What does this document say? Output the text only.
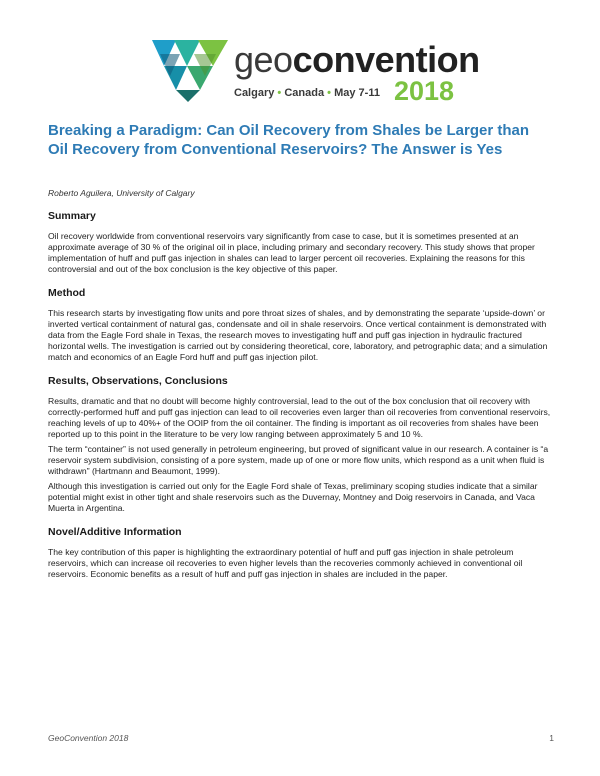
geoconvention
Calgary • Canada • May 7-11 2018
Breaking a Paradigm: Can Oil Recovery from Shales be Larger than Oil Recovery from Conventional Reservoirs? The Answer is Yes
Roberto Aguilera, University of Calgary
Summary

Oil recovery worldwide from conventional reservoirs vary significantly from case to case, but it is sometimes presented at an approximate average of 30 % of the original oil in place, including primary and secondary recovery. This study shows that proper implementation of huff and puff gas injection in shales can lead to larger percent oil recoveries. Explaining the reasons for this controversial and out of the box conclusion is the key objective of this paper.

Method

This research starts by investigating flow units and pore throat sizes of shales, and by demonstrating the separate ‘upside-down’ or inverted vertical containment of natural gas, condensate and oil in shale reservoirs. Once vertical containment is demonstrated with data from the Eagle Ford shale in Texas, the research moves to investigating huff and puff gas injection in hydraulic fractured horizontal wells. The investigation is carried out by considering theoretical, core, laboratory, and petrographic data; and a simulation match and economics of an Eagle Ford huff and puff gas injection pilot.

Results, Observations, Conclusions

Results, dramatic and that no doubt will become highly controversial, lead to the out of the box conclusion that oil recovery with correctly-performed huff and puff gas injection can lead to oil recoveries even larger than oil recoveries from conventional reservoirs, reaching levels of up to 40%+ of the OOIP from the oil container. The finding is important as oil recoveries from shales have been reported up to this point in the literature to be very low ranging between approximately 5 and 10 %.

The term “container” is not used generally in petroleum engineering, but proved of significant value in our research. A container is “a reservoir system subdivision, consisting of a pore system, made up of one or more flow units, which respond as a unit when fluid is withdrawn” (Hartmann and Beaumont, 1999).

Although this investigation is carried out only for the Eagle Ford shale of Texas, preliminary scoping studies indicate that a similar potential might exist in other tight and shale reservoirs such as the Duvernay, Montney and Doig reservoirs in Canada, and Vaca Muerta in Argentina.

Novel/Additive Information

The key contribution of this paper is highlighting the extraordinary potential of huff and puff gas injection in shale petroleum reservoirs, which can increase oil recoveries to even higher levels than the recoveries commonly achieved in conventional oil reservoirs. Economic benefits as a result of huff and puff gas injection in shales are included in the paper.

GeoConvention 2018	1
